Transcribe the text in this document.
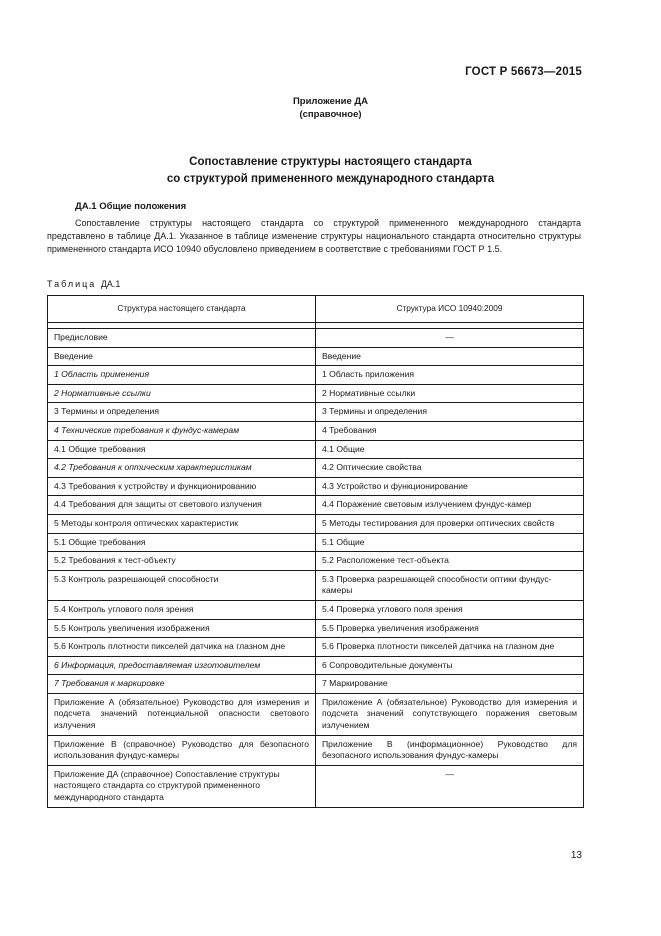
ГОСТ Р 56673—2015
Приложение ДА
(справочное)
Сопоставление структуры настоящего стандарта
со структурой примененного международного стандарта
ДА.1 Общие положения
Сопоставление структуры настоящего стандарта со структурой примененного международного стандарта представлено в таблице ДА.1. Указанное в таблице изменение структуры национального стандарта относительно структуры примененного стандарта ИСО 10940 обусловлено приведением в соответствие с требованиями ГОСТ Р 1.5.
Таблица ДА.1
Структура настоящего стандарта	Структура ИСО 10940:2009

Предисловие	—
Введение	Введение
1 Область применения	1 Область приложения
2 Нормативные ссылки	2 Нормативные ссылки
3 Термины и определения	3 Термины и определения
4 Технические требования к фундус-камерам	4 Требования
4.1 Общие требования	4.1 Общие
4.2 Требования к оптическим характеристикам	4.2 Оптические свойства
4.3 Требования к устройству и функционированию	4.3 Устройство и функционирование
4.4 Требования для защиты от светового излучения	4.4 Поражение световым излучением фундус-камер
5 Методы контроля оптических характеристик	5 Методы тестирования для проверки оптических свойств
5.1 Общие требования	5.1 Общие
5.2 Требования к тест-объекту	5.2 Расположение тест-объекта
5.3 Контроль разрешающей способности	5.3 Проверка разрешающей способности оптики фундус-камеры
5.4 Контроль углового поля зрения	5.4 Проверка углового поля зрения
5.5 Контроль увеличения изображения	5.5 Проверка увеличения изображения
5.6 Контроль плотности пикселей датчика на глазном дне	5.6 Проверка плотности пикселей датчика на глазном дне
6 Информация, предоставляемая изготовителем	6 Сопроводительные документы
7 Требования к маркировке	7 Маркирование
Приложение А (обязательное) Руководство для измерения и подсчета значений потенциальной опасности светового излучения	Приложение А (обязательное) Руководство для измерения и подсчета значений сопутствующего поражения световым излучением
Приложение В (справочное) Руководство для безопасного использования фундус-камеры	Приложение В (информационное) Руководство для безопасного использования фундус-камеры
Приложение ДА (справочное) Сопоставление структуры настоящего стандарта со структурой примененного международного стандарта	—
13
